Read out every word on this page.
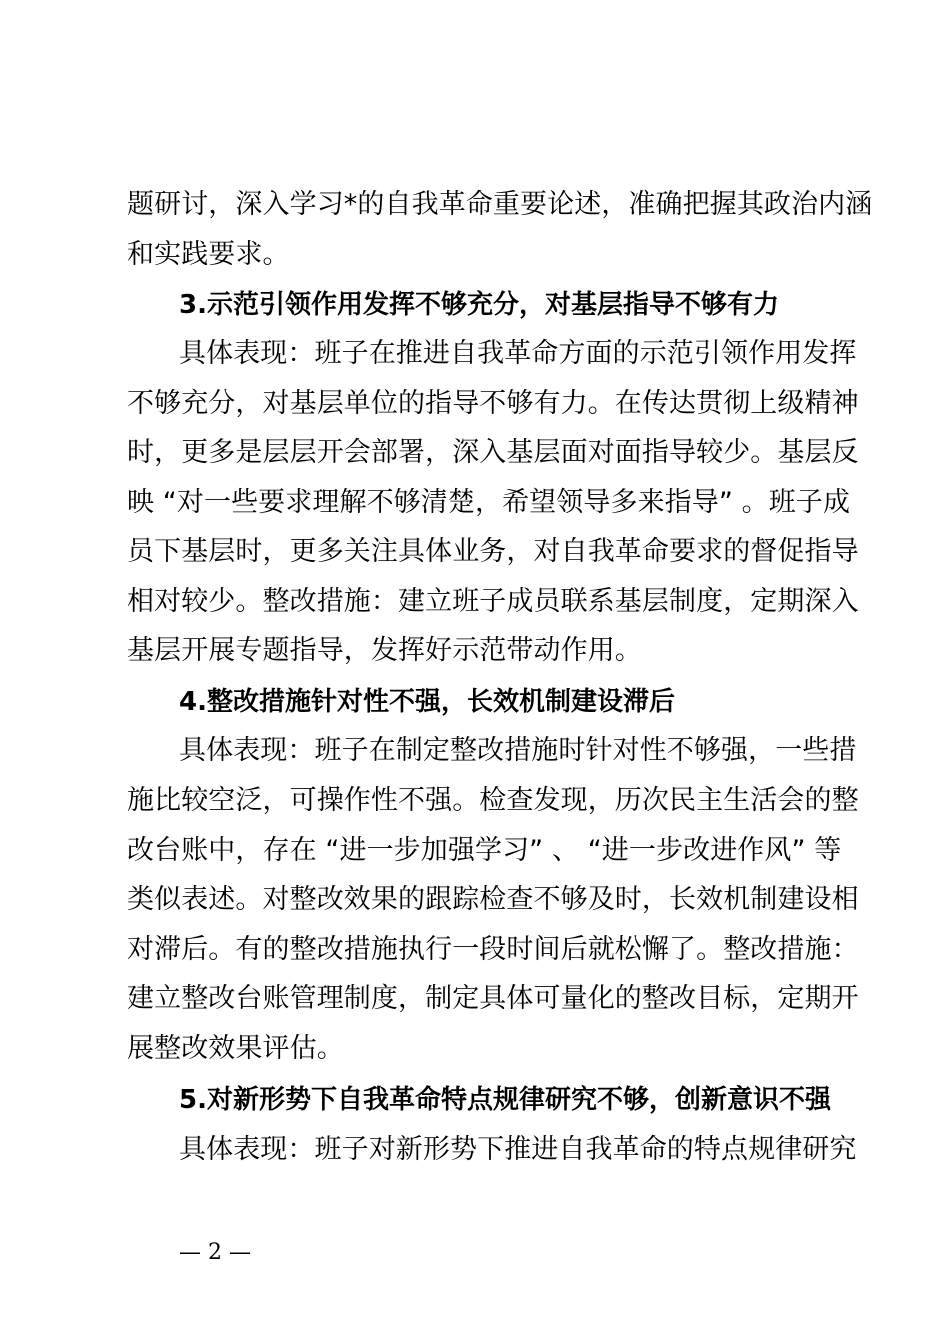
题研讨，深入学习*的自我革命重要论述，准确把握其政治内涵
和实践要求。
3.示范引领作用发挥不够充分，对基层指导不够有力
具体表现：班子在推进自我革命方面的示范引领作用发挥
不够充分，对基层单位的指导不够有力。在传达贯彻上级精神
时，更多是层层开会部署，深入基层面对面指导较少。基层反
映 “对一些要求理解不够清楚，希望领导多来指导” 。班子成
员下基层时，更多关注具体业务，对自我革命要求的督促指导
相对较少。整改措施：建立班子成员联系基层制度，定期深入
基层开展专题指导，发挥好示范带动作用。
4.整改措施针对性不强，长效机制建设滞后
具体表现：班子在制定整改措施时针对性不够强，一些措
施比较空泛，可操作性不强。检查发现，历次民主生活会的整
改台账中，存在 “进一步加强学习” 、 “进一步改进作风” 等
类似表述。对整改效果的跟踪检查不够及时，长效机制建设相
对滞后。有的整改措施执行一段时间后就松懈了。整改措施：
建立整改台账管理制度，制定具体可量化的整改目标，定期开
展整改效果评估。
5.对新形势下自我革命特点规律研究不够，创新意识不强
具体表现：班子对新形势下推进自我革命的特点规律研究
— 2 —
